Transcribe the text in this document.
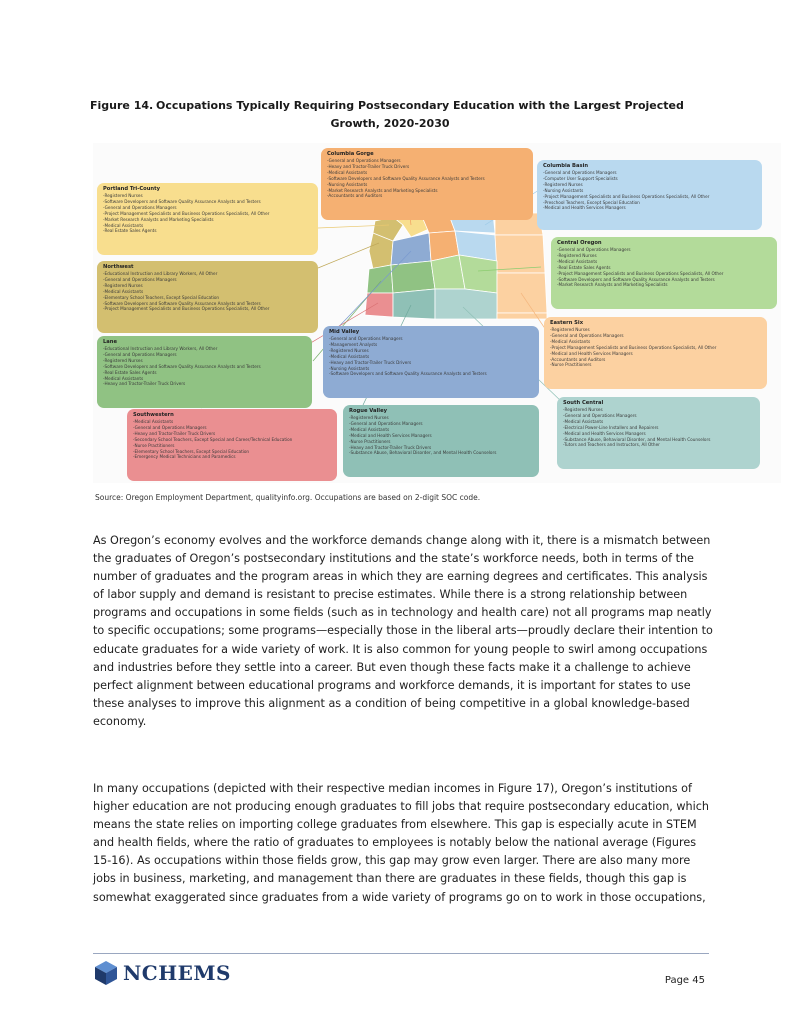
Figure 14. Occupations Typically Requiring Postsecondary Education with the Largest Projected
Growth, 2020-2030
Columbia Gorge
-General and Operations Managers
-Heavy and Tractor-Trailer Truck Drivers
-Medical Assistants
-Software Developers and Software Quality Assurance Analysts and Testers
-Nursing Assistants
-Market Research Analysts and Marketing Specialists
-Accountants and Auditors
Columbia Basin
-General and Operations Managers
-Computer User Support Specialists
-Registered Nurses
-Nursing Assistants
-Project Management Specialists and Business Operations Specialists, All Other
-Preschool Teachers, Except Special Education
-Medical and Health Services Managers
Portland Tri-County
-Registered Nurses
-Software Developers and Software Quality Assurance Analysts and Testers
-General and Operations Managers
-Project Management Specialists and Business Operations Specialists, All Other
-Market Research Analysts and Marketing Specialists
-Medical Assistants
-Real Estate Sales Agents
Central Oregon
-General and Operations Managers
-Registered Nurses
-Medical Assistants
-Real Estate Sales Agents
-Project Management Specialists and Business Operations Specialists, All Other
-Software Developers and Software Quality Assurance Analysts and Testers
-Market Research Analysts and Marketing Specialists
Northwest
-Educational Instruction and Library Workers, All Other
-General and Operations Managers
-Registered Nurses
-Medical Assistants
-Elementary School Teachers, Except Special Education
-Software Developers and Software Quality Assurance Analysts and Testers
-Project Management Specialists and Business Operations Specialists, All Other
Eastern Six
-Registered Nurses
-General and Operations Managers
-Medical Assistants
-Project Management Specialists and Business Operations Specialists, All Other
-Medical and Health Services Managers
-Accountants and Auditors
-Nurse Practitioners
Lane
-Educational Instruction and Library Workers, All Other
-General and Operations Managers
-Registered Nurses
-Software Developers and Software Quality Assurance Analysts and Testers
-Real Estate Sales Agents
-Medical Assistants
-Heavy and Tractor-Trailer Truck Drivers
Mid Valley
-General and Operations Managers
-Management Analysts
-Registered Nurses
-Medical Assistants
-Heavy and Tractor-Trailer Truck Drivers
-Nursing Assistants
-Software Developers and Software Quality Assurance Analysts and Testers
Southwestern
-Medical Assistants
-General and Operations Managers
-Heavy and Tractor-Trailer Truck Drivers
-Secondary School Teachers, Except Special and Career/Technical Education
-Nurse Practitioners
-Elementary School Teachers, Except Special Education
-Emergency Medical Technicians and Paramedics
Rogue Valley
-Registered Nurses
-General and Operations Managers
-Medical Assistants
-Medical and Health Services Managers
-Nurse Practitioners
-Heavy and Tractor-Trailer Truck Drivers
-Substance Abuse, Behavioral Disorder, and Mental Health Counselors
South Central
-Registered Nurses
-General and Operations Managers
-Medical Assistants
-Electrical Power-Line Installers and Repairers
-Medical and Health Services Managers
-Substance Abuse, Behavioral Disorder, and Mental Health Counselors
-Tutors and Teachers and Instructors, All Other
Source: Oregon Employment Department, qualityinfo.org. Occupations are based on 2-digit SOC code.

As Oregon’s economy evolves and the workforce demands change along with it, there is a mismatch between the graduates of Oregon’s postsecondary institutions and the state’s workforce needs, both in terms of the number of graduates and the program areas in which they are earning degrees and certificates. This analysis of labor supply and demand is resistant to precise estimates. While there is a strong relationship between programs and occupations in some fields (such as in technology and health care) not all programs map neatly to specific occupations; some programs—especially those in the liberal arts—proudly declare their intention to educate graduates for a wide variety of work. It is also common for young people to swirl among occupations and industries before they settle into a career. But even though these facts make it a challenge to achieve perfect alignment between educational programs and workforce demands, it is important for states to use these analyses to improve this alignment as a condition of being competitive in a global knowledge-based economy.

In many occupations (depicted with their respective median incomes in Figure 17), Oregon’s institutions of higher education are not producing enough graduates to fill jobs that require postsecondary education, which means the state relies on importing college graduates from elsewhere. This gap is especially acute in STEM and health fields, where the ratio of graduates to employees is notably below the national average (Figures 15-16). As occupations within those fields grow, this gap may grow even larger. There are also many more jobs in business, marketing, and management than there are graduates in these fields, though this gap is somewhat exaggerated since graduates from a wide variety of programs go on to work in those occupations,

NCHEMS	Page 45
